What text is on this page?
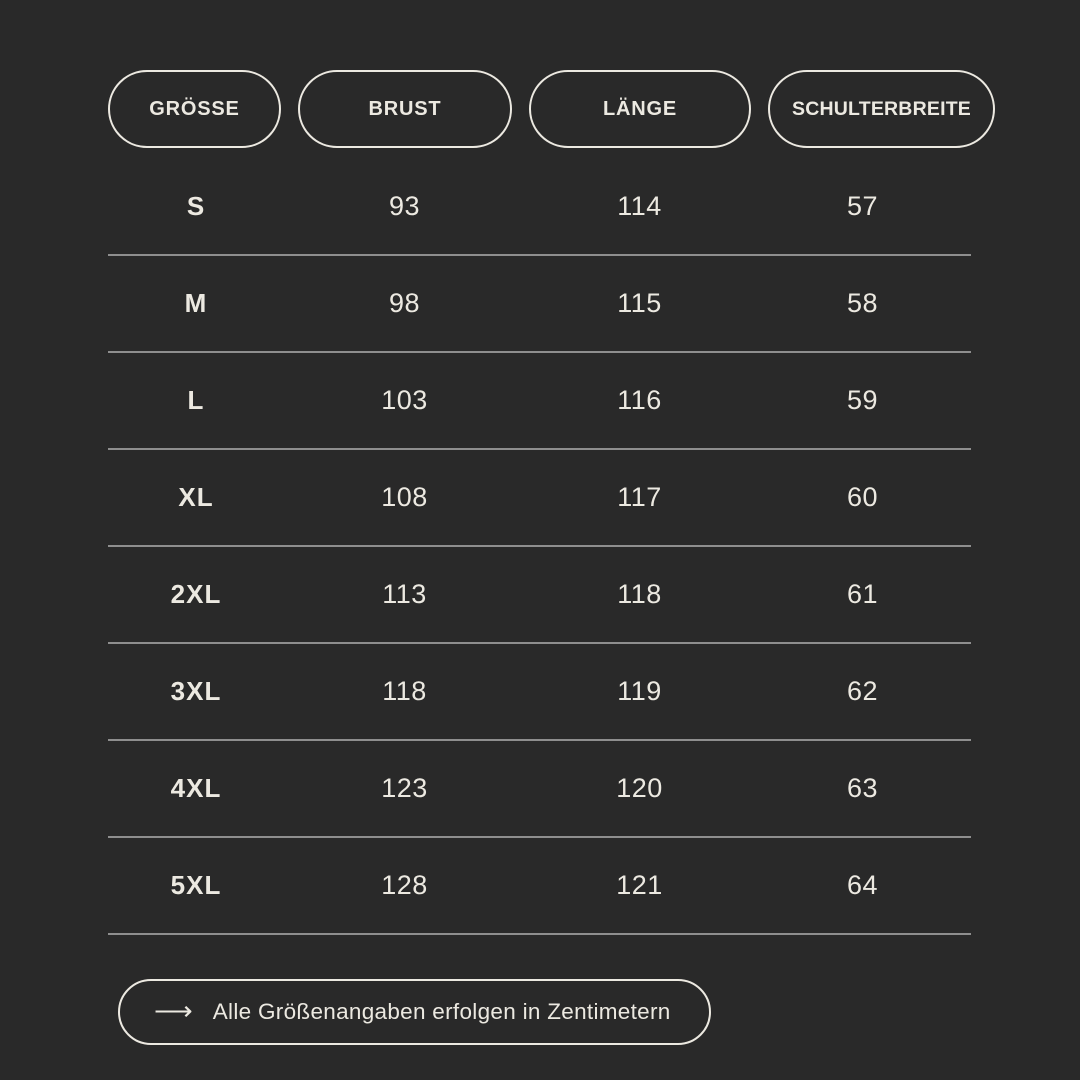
GRÖSSE	BRUST	LÄNGE	SCHULTERBREITE
S	93	114	57
M	98	115	58
L	103	116	59
XL	108	117	60
2XL	113	118	61
3XL	118	119	62
4XL	123	120	63
5XL	128	121	64
⟶ Alle Größenangaben erfolgen in Zentimetern
